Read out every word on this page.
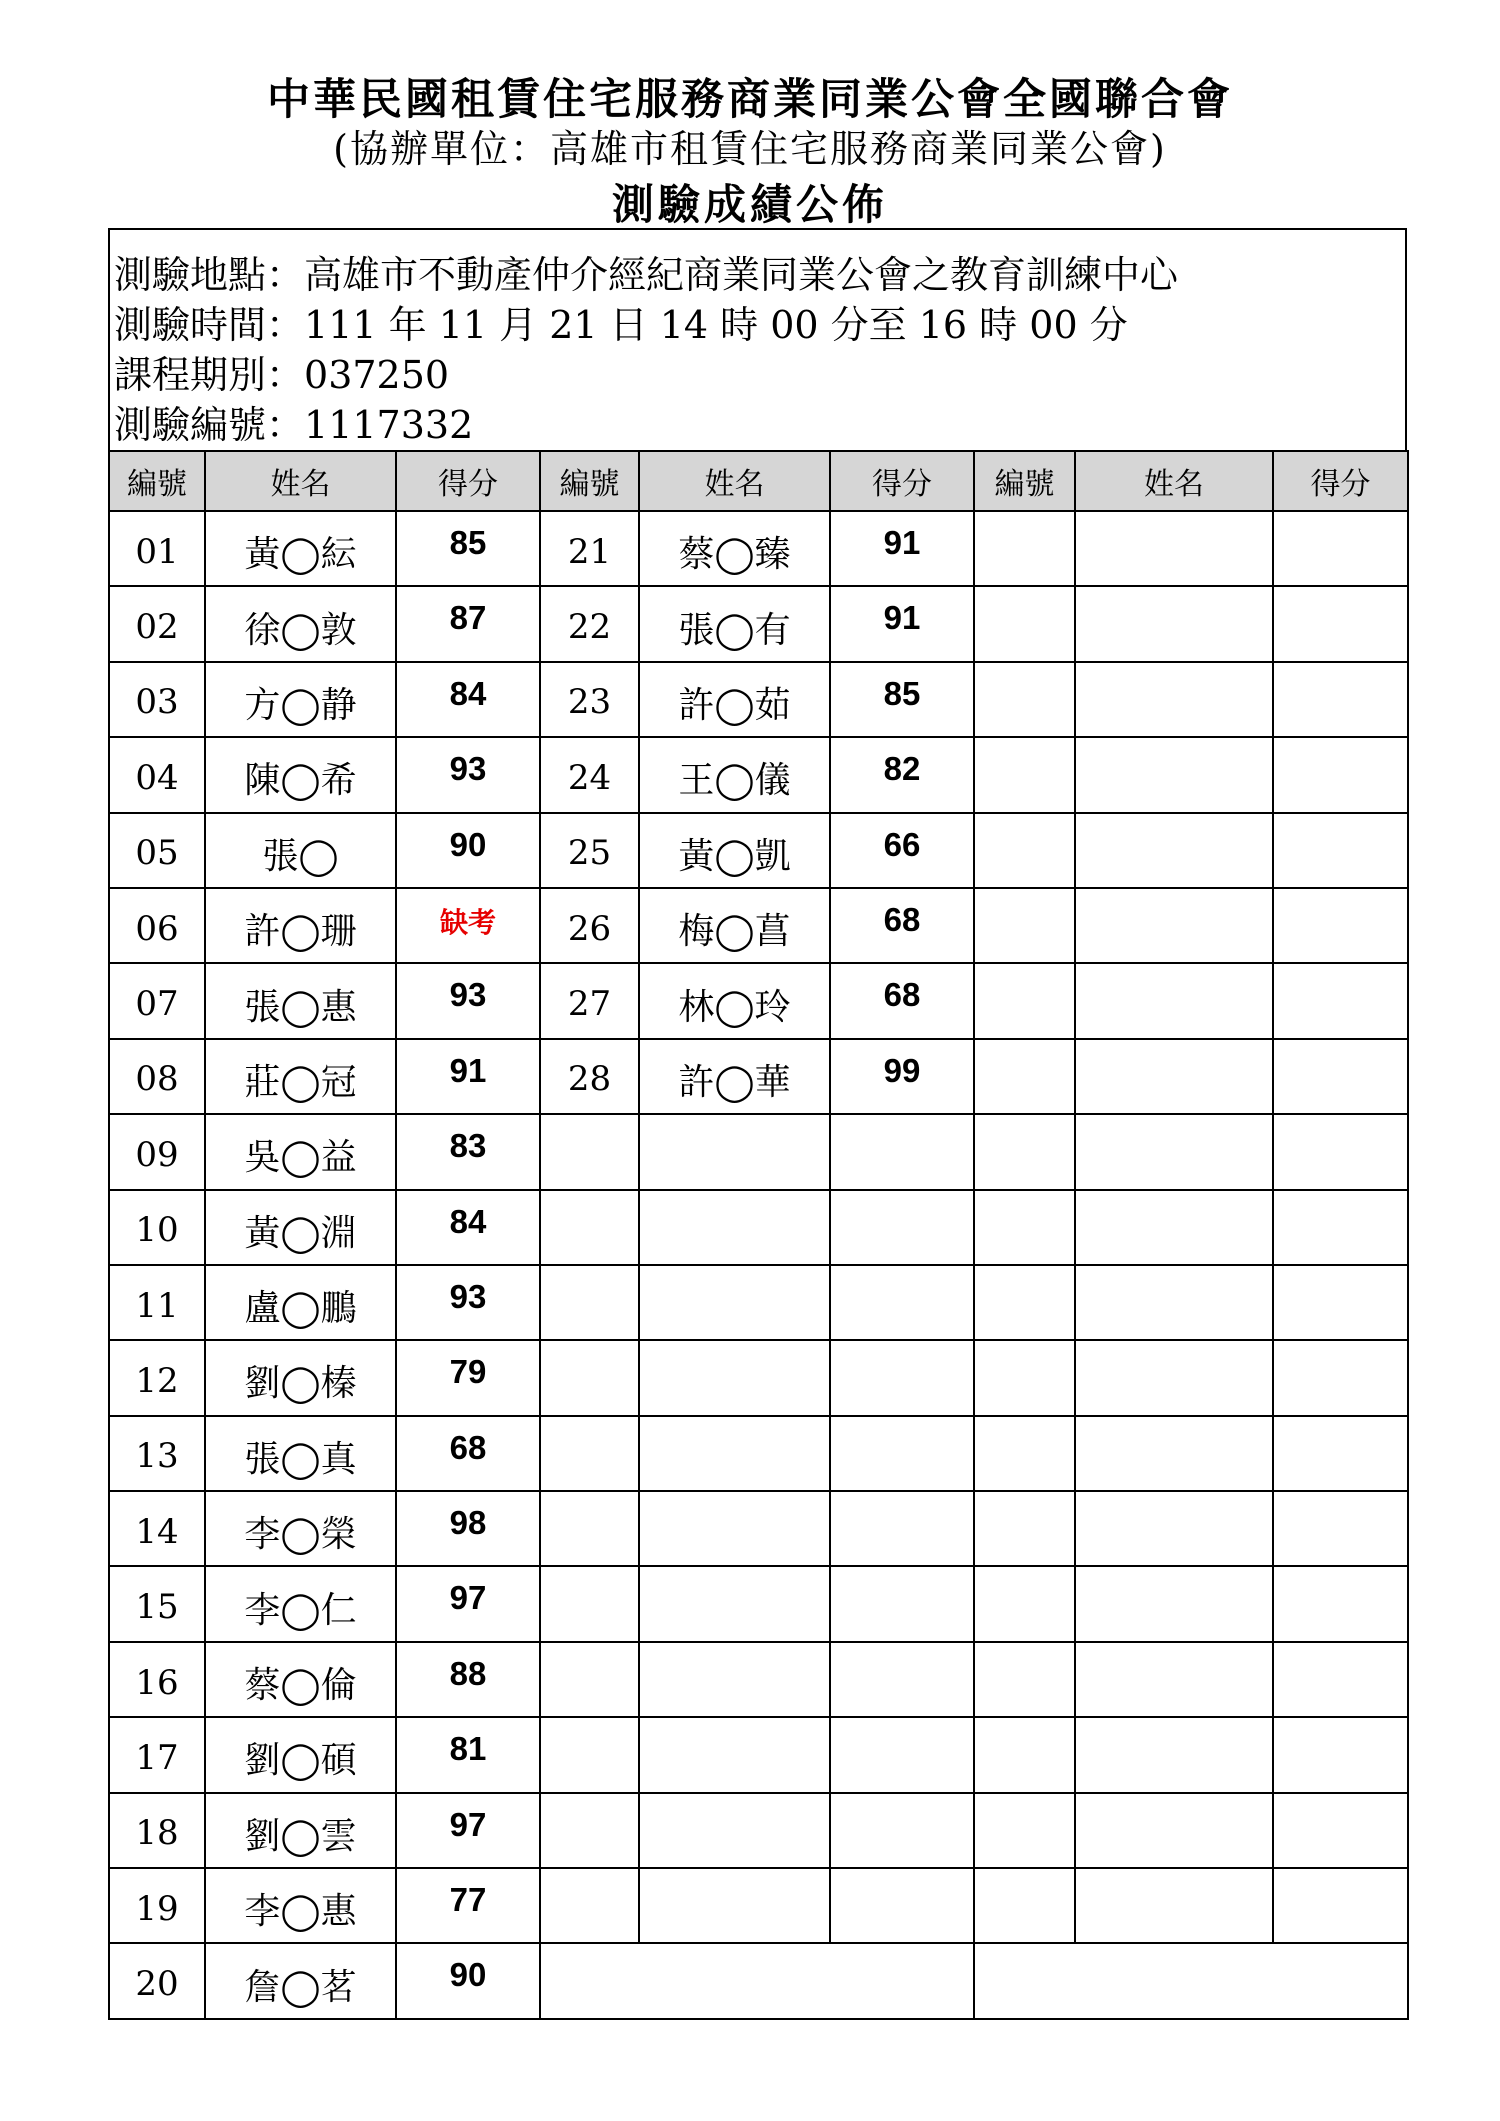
中華民國租賃住宅服務商業同業公會全國聯合會
(協辦單位：高雄市租賃住宅服務商業同業公會)
測驗成績公佈
測驗地點：高雄市不動產仲介經紀商業同業公會之教育訓練中心
測驗時間：111 年 11 月 21 日 14 時 00 分至 16 時 00 分
課程期別：037250
測驗編號：1117332
編號	姓名	得分	編號	姓名	得分	編號	姓名	得分
01	黃◯紜	85	21	蔡◯臻	91			
02	徐◯敦	87	22	張◯有	91			
03	方◯静	84	23	許◯茹	85			
04	陳◯希	93	24	王◯儀	82			
05	張◯	90	25	黃◯凱	66			
06	許◯珊	缺考	26	梅◯菖	68			
07	張◯惠	93	27	林◯玲	68			
08	莊◯冠	91	28	許◯華	99			
09	吳◯益	83						
10	黃◯淵	84						
11	盧◯鵬	93						
12	劉◯榛	79						
13	張◯真	68						
14	李◯榮	98						
15	李◯仁	97						
16	蔡◯倫	88						
17	劉◯碩	81						
18	劉◯雲	97						
19	李◯惠	77						
20	詹◯茗	90						
